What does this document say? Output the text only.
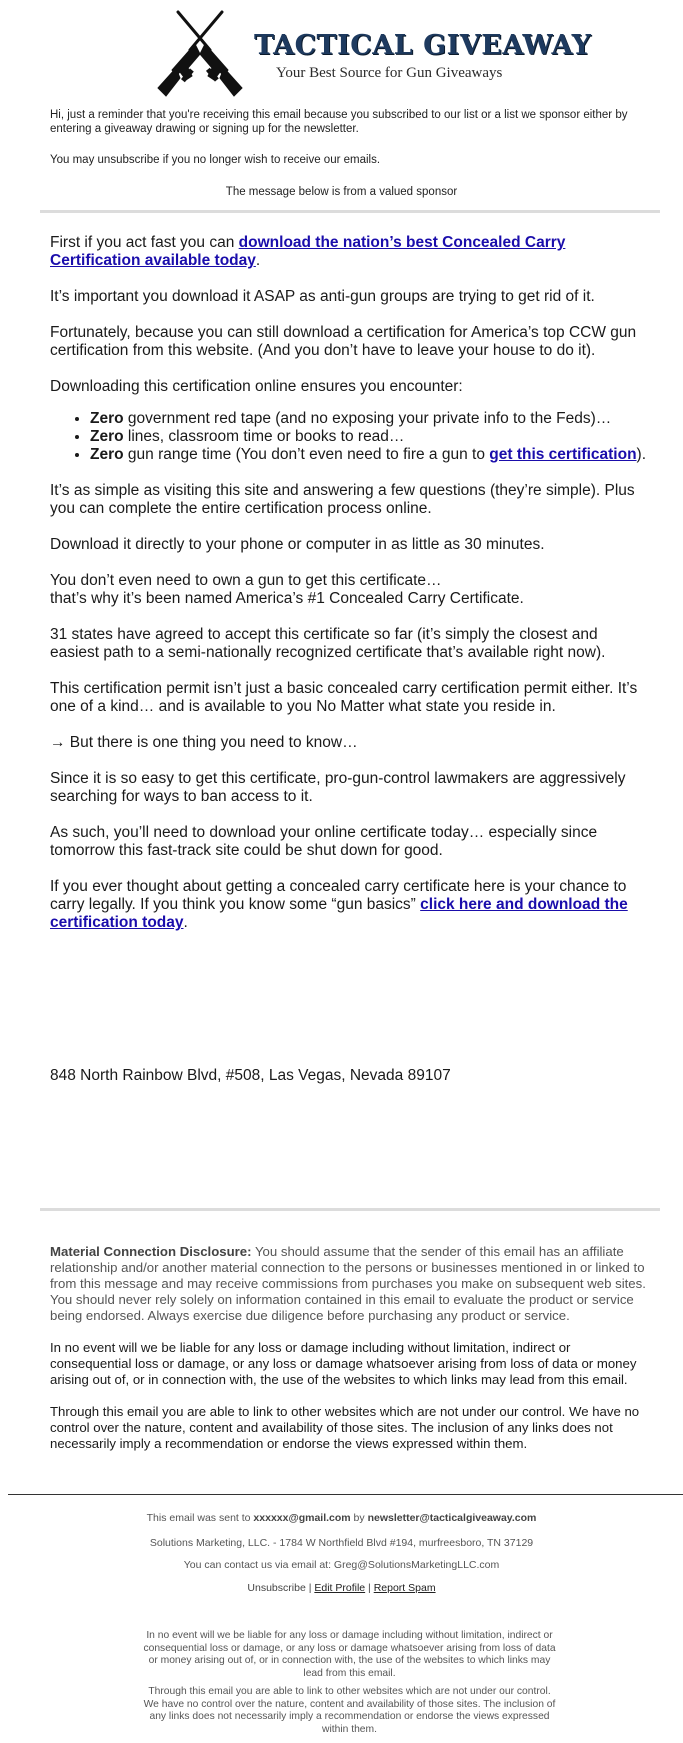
TACTICAL GIVEAWAY
Your Best Source for Gun Giveaways
Hi, just a reminder that you're receiving this email because you subscribed to our list or a list we sponsor either by entering a giveaway drawing or signing up for the newsletter.
You may unsubscribe if you no longer wish to receive our emails.
The message below is from a valued sponsor

First if you act fast you can download the nation’s best Concealed Carry Certification available today.

It’s important you download it ASAP as anti-gun groups are trying to get rid of it.

Fortunately, because you can still download a certification for America’s top CCW gun certification from this website. (And you don’t have to leave your house to do it).

Downloading this certification online ensures you encounter:

• Zero government red tape (and no exposing your private info to the Feds)…
• Zero lines, classroom time or books to read…
• Zero gun range time (You don’t even need to fire a gun to get this certification).

It’s as simple as visiting this site and answering a few questions (they’re simple). Plus you can complete the entire certification process online.

Download it directly to your phone or computer in as little as 30 minutes.

You don’t even need to own a gun to get this certificate…
that’s why it’s been named America’s #1 Concealed Carry Certificate.

31 states have agreed to accept this certificate so far (it’s simply the closest and easiest path to a semi-nationally recognized certificate that’s available right now).

This certification permit isn’t just a basic concealed carry certification permit either. It’s one of a kind… and is available to you No Matter what state you reside in.

→ But there is one thing you need to know…

Since it is so easy to get this certificate, pro-gun-control lawmakers are aggressively searching for ways to ban access to it.

As such, you’ll need to download your online certificate today… especially since tomorrow this fast-track site could be shut down for good.

If you ever thought about getting a concealed carry certificate here is your chance to carry legally. If you think you know some “gun basics” click here and download the certification today.

848 North Rainbow Blvd, #508, Las Vegas, Nevada 89107

Material Connection Disclosure: You should assume that the sender of this email has an affiliate relationship and/or another material connection to the persons or businesses mentioned in or linked to from this message and may receive commissions from purchases you make on subsequent web sites. You should never rely solely on information contained in this email to evaluate the product or service being endorsed. Always exercise due diligence before purchasing any product or service.

In no event will we be liable for any loss or damage including without limitation, indirect or consequential loss or damage, or any loss or damage whatsoever arising from loss of data or money arising out of, or in connection with, the use of the websites to which links may lead from this email.

Through this email you are able to link to other websites which are not under our control. We have no control over the nature, content and availability of those sites. The inclusion of any links does not necessarily imply a recommendation or endorse the views expressed within them.

This email was sent to xxxxxx@gmail.com by newsletter@tacticalgiveaway.com
Solutions Marketing, LLC. - 1784 W Northfield Blvd #194, murfreesboro, TN 37129
You can contact us via email at: Greg@SolutionsMarketingLLC.com
Unsubscribe | Edit Profile | Report Spam
In no event will we be liable for any loss or damage including without limitation, indirect or consequential loss or damage, or any loss or damage whatsoever arising from loss of data or money arising out of, or in connection with, the use of the websites to which links may lead from this email.
Through this email you are able to link to other websites which are not under our control. We have no control over the nature, content and availability of those sites. The inclusion of any links does not necessarily imply a recommendation or endorse the views expressed within them.
